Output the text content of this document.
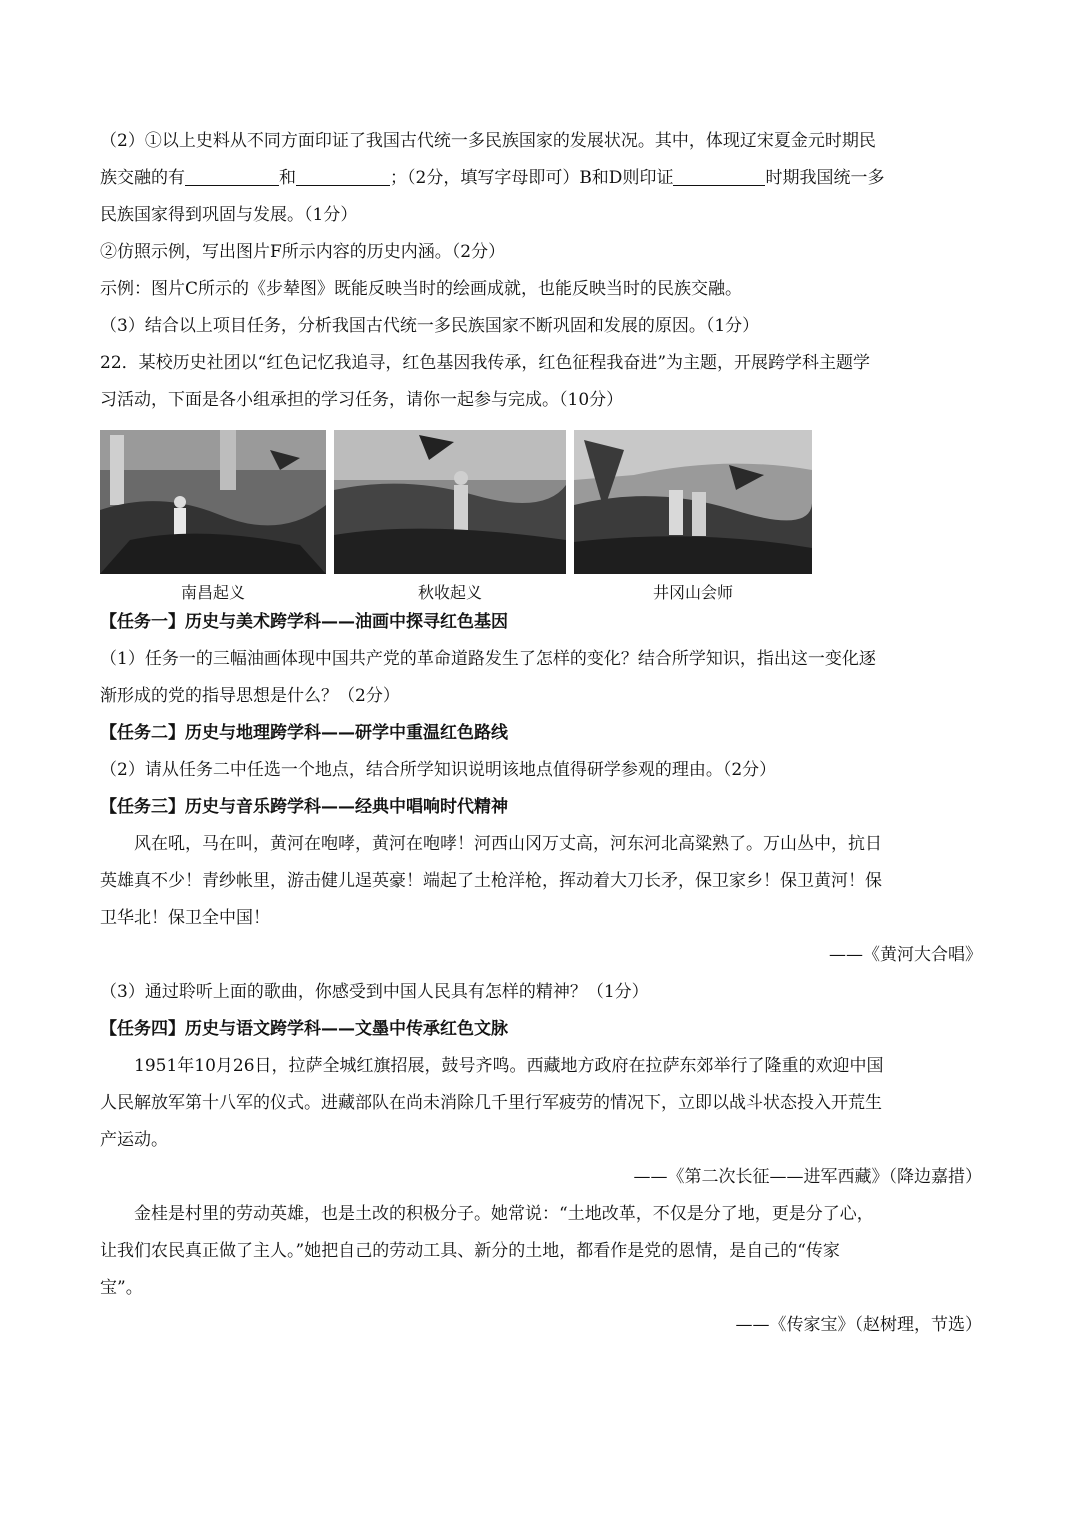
（2）①以上史料从不同方面印证了我国古代统一多民族国家的发展状况。其中，体现辽宋夏金元时期民

族交融的有	和	；（2分，填写字母即可）B和D则印证	时期我国统一多

民族国家得到巩固与发展。（1分）

②仿照示例，写出图片F所示内容的历史内涵。（2分）

示例：图片C所示的《步辇图》既能反映当时的绘画成就，也能反映当时的民族交融。

（3）结合以上项目任务，分析我国古代统一多民族国家不断巩固和发展的原因。（1分）

22．某校历史社团以“红色记忆我追寻，红色基因我传承，红色征程我奋进”为主题，开展跨学科主题学

习活动，下面是各小组承担的学习任务，请你一起参与完成。（10分）

南昌起义	秋收起义	井冈山会师

【任务一】历史与美术跨学科——油画中探寻红色基因

（1）任务一的三幅油画体现中国共产党的革命道路发生了怎样的变化？结合所学知识，指出这一变化逐

渐形成的党的指导思想是什么？（2分）

【任务二】历史与地理跨学科——研学中重温红色路线

（2）请从任务二中任选一个地点，结合所学知识说明该地点值得研学参观的理由。（2分）

【任务三】历史与音乐跨学科——经典中唱响时代精神

风在吼，马在叫，黄河在咆哮，黄河在咆哮！河西山冈万丈高，河东河北高粱熟了。万山丛中，抗日

英雄真不少！青纱帐里，游击健儿逞英豪！端起了土枪洋枪，挥动着大刀长矛，保卫家乡！保卫黄河！保

卫华北！保卫全中国！

——《黄河大合唱》

（3）通过聆听上面的歌曲，你感受到中国人民具有怎样的精神？（1分）

【任务四】历史与语文跨学科——文墨中传承红色文脉

1951年10月26日，拉萨全城红旗招展，鼓号齐鸣。西藏地方政府在拉萨东郊举行了隆重的欢迎中国

人民解放军第十八军的仪式。进藏部队在尚未消除几千里行军疲劳的情况下，立即以战斗状态投入开荒生

产运动。

——《第二次长征——进军西藏》（降边嘉措）

金桂是村里的劳动英雄，也是土改的积极分子。她常说：“土地改革，不仅是分了地，更是分了心，

让我们农民真正做了主人。”她把自己的劳动工具、新分的土地，都看作是党的恩情，是自己的“传家

宝”。

——《传家宝》（赵树理，节选）
